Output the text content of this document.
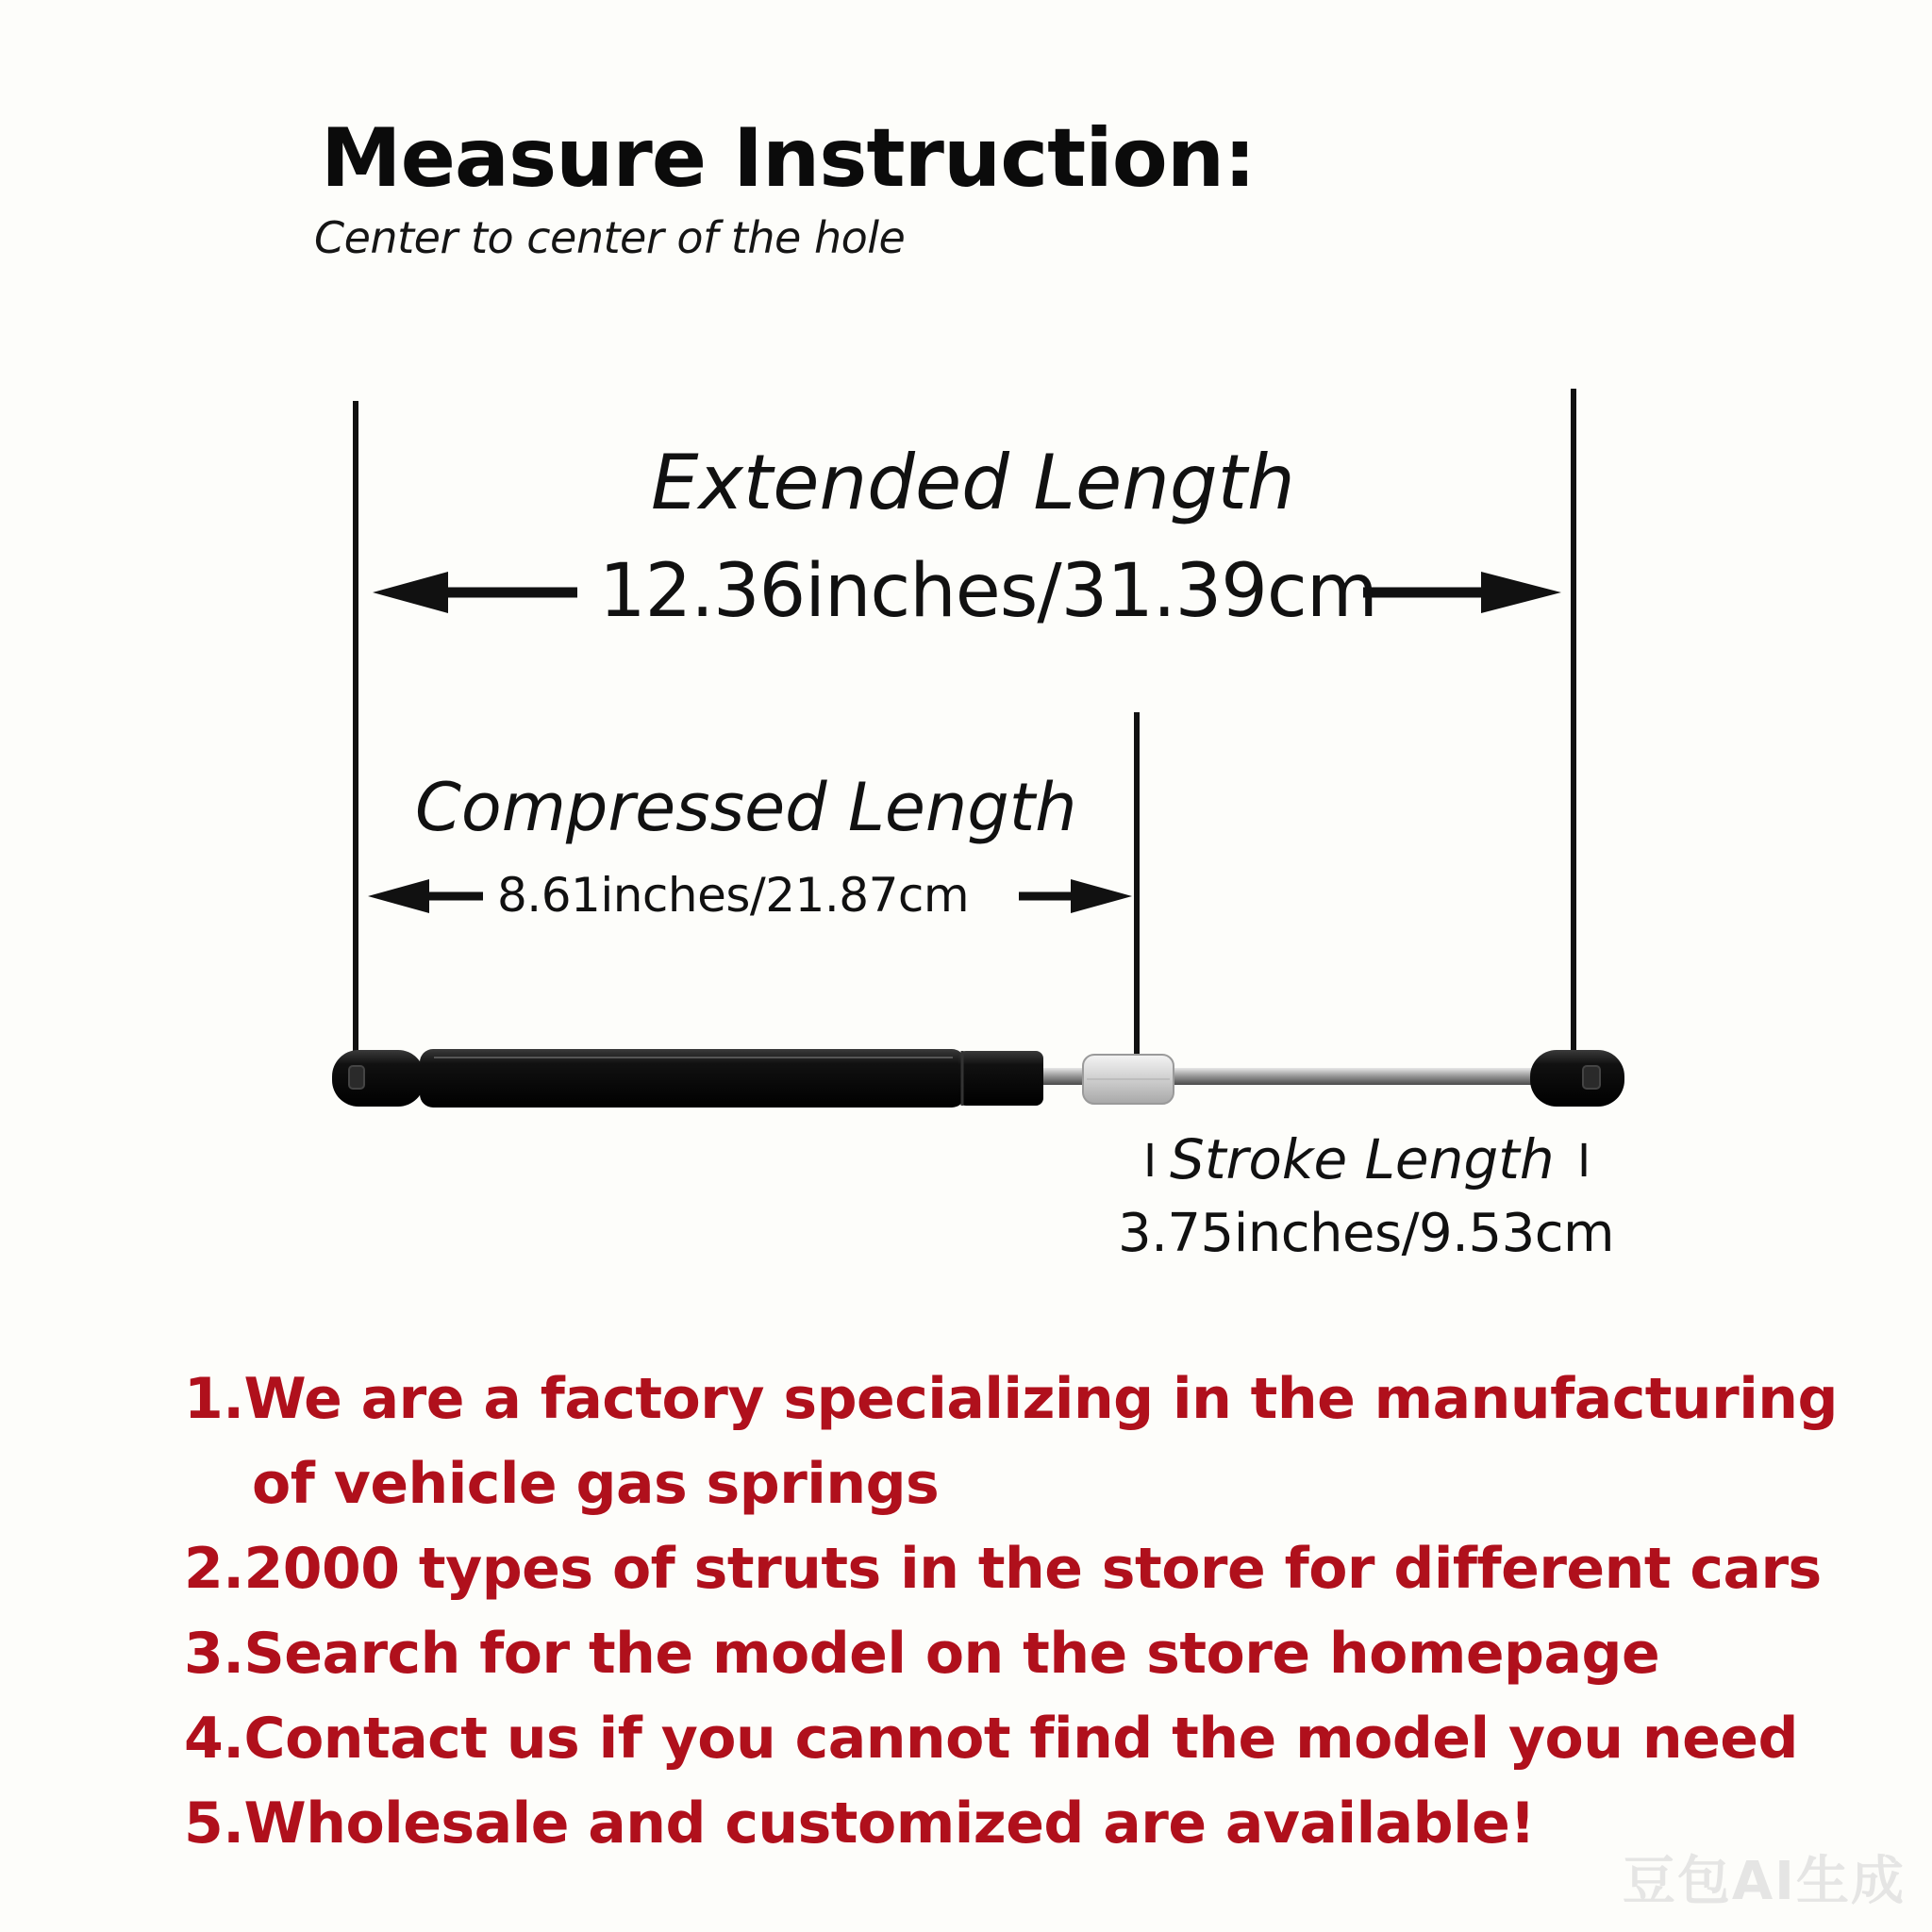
Measure Instruction:
Center to center of the hole
Extended Length
12.36inches/31.39cm
Compressed Length
8.61inches/21.87cm
I Stroke Length I
3.75inches/9.53cm
1. We are a factory specializing in the manufacturing
of vehicle gas springs
2. 2000 types of struts in the store for different cars
3. Search for the model on the store homepage
4. Contact us if you cannot find the model you need
5. Wholesale and customized are available!
豆包AI生成
